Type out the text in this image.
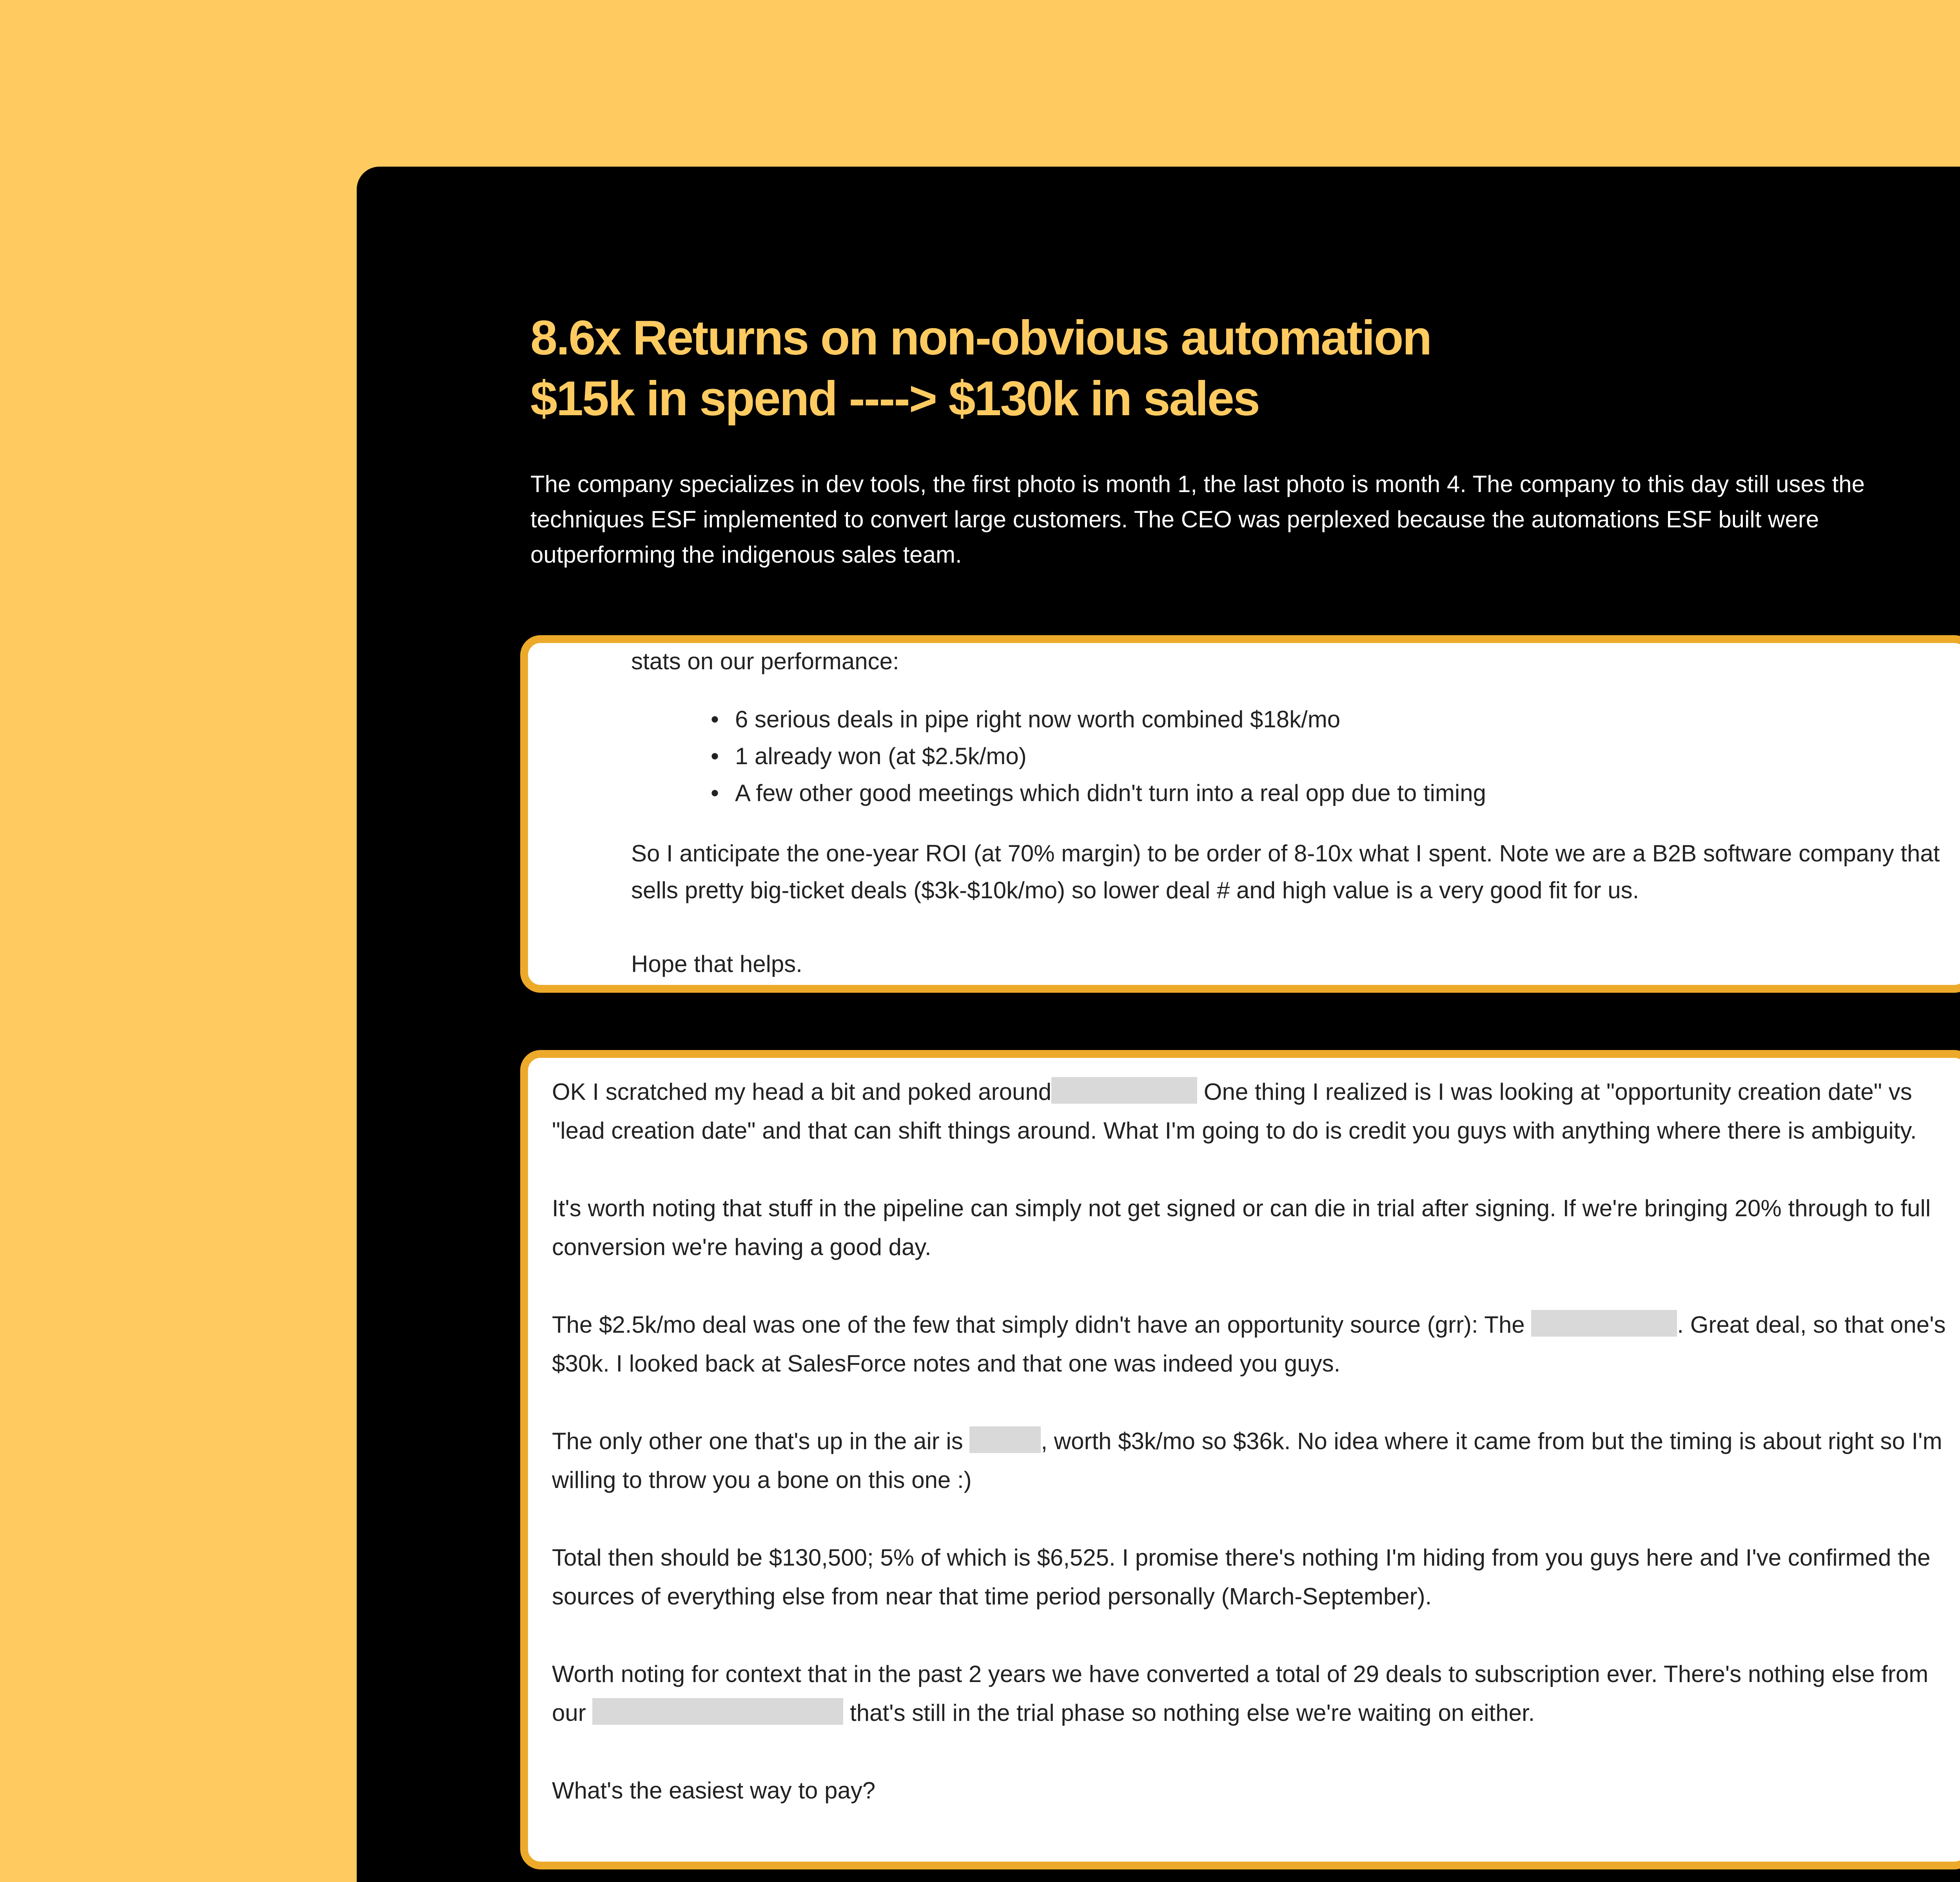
8.6x Returns on non-obvious automation
$15k in spend ----> $130k in sales

The company specializes in dev tools, the first photo is month 1, the last photo is month 4. The company to this day still uses the techniques ESF implemented to convert large customers. The CEO was perplexed because the automations ESF built were outperforming the indigenous sales team.

stats on our performance:

• 6 serious deals in pipe right now worth combined $18k/mo
• 1 already won (at $2.5k/mo)
• A few other good meetings which didn't turn into a real opp due to timing

So I anticipate the one-year ROI (at 70% margin) to be order of 8-10x what I spent. Note we are a B2B software company that sells pretty big-ticket deals ($3k-$10k/mo) so lower deal # and high value is a very good fit for us.

Hope that helps.

OK I scratched my head a bit and poked around	One thing I realized is I was looking at "opportunity creation date" vs "lead creation date" and that can shift things around. What I'm going to do is credit you guys with anything where there is ambiguity.

It's worth noting that stuff in the pipeline can simply not get signed or can die in trial after signing. If we're bringing 20% through to full conversion we're having a good day.

The $2.5k/mo deal was one of the few that simply didn't have an opportunity source (grr): The	. Great deal, so that one's $30k. I looked back at SalesForce notes and that one was indeed you guys.

The only other one that's up in the air is	, worth $3k/mo so $36k. No idea where it came from but the timing is about right so I'm willing to throw you a bone on this one :)

Total then should be $130,500; 5% of which is $6,525. I promise there's nothing I'm hiding from you guys here and I've confirmed the sources of everything else from near that time period personally (March-September).

Worth noting for context that in the past 2 years we have converted a total of 29 deals to subscription ever. There's nothing else from our	that's still in the trial phase so nothing else we're waiting on either.

What's the easiest way to pay?
